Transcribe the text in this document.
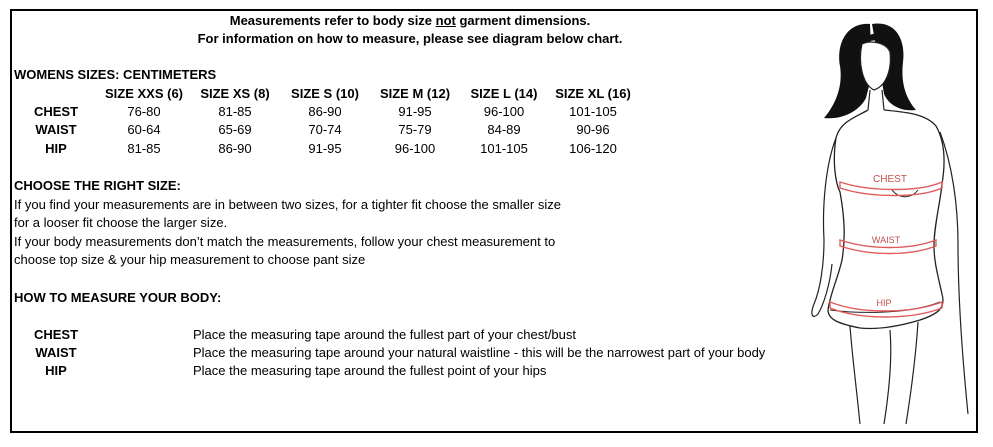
Measurements refer to body size not garment dimensions.
For information on how to measure, please see diagram below chart.
WOMENS SIZES: CENTIMETERS
SIZE XXS (6)	SIZE XS (8)	SIZE S (10)	SIZE M (12)	SIZE L (14)	SIZE XL (16)
CHEST	76-80	81-85	86-90	91-95	96-100	101-105
WAIST	60-64	65-69	70-74	75-79	84-89	90-96
HIP	81-85	86-90	91-95	96-100	101-105	106-120
CHOOSE THE RIGHT SIZE:
If you find your measurements are in between two sizes, for a tighter fit choose the smaller size
for a looser fit choose the larger size.
If your body measurements don’t match the measurements, follow your chest measurement to
choose top size & your hip measurement to choose pant size
HOW TO MEASURE YOUR BODY:
CHEST	Place the measuring tape around the fullest part of your chest/bust
WAIST	Place the measuring tape around your natural waistline - this will be the narrowest part of your body
HIP	Place the measuring tape around the fullest point of your hips
CHEST
WAIST
HIP
